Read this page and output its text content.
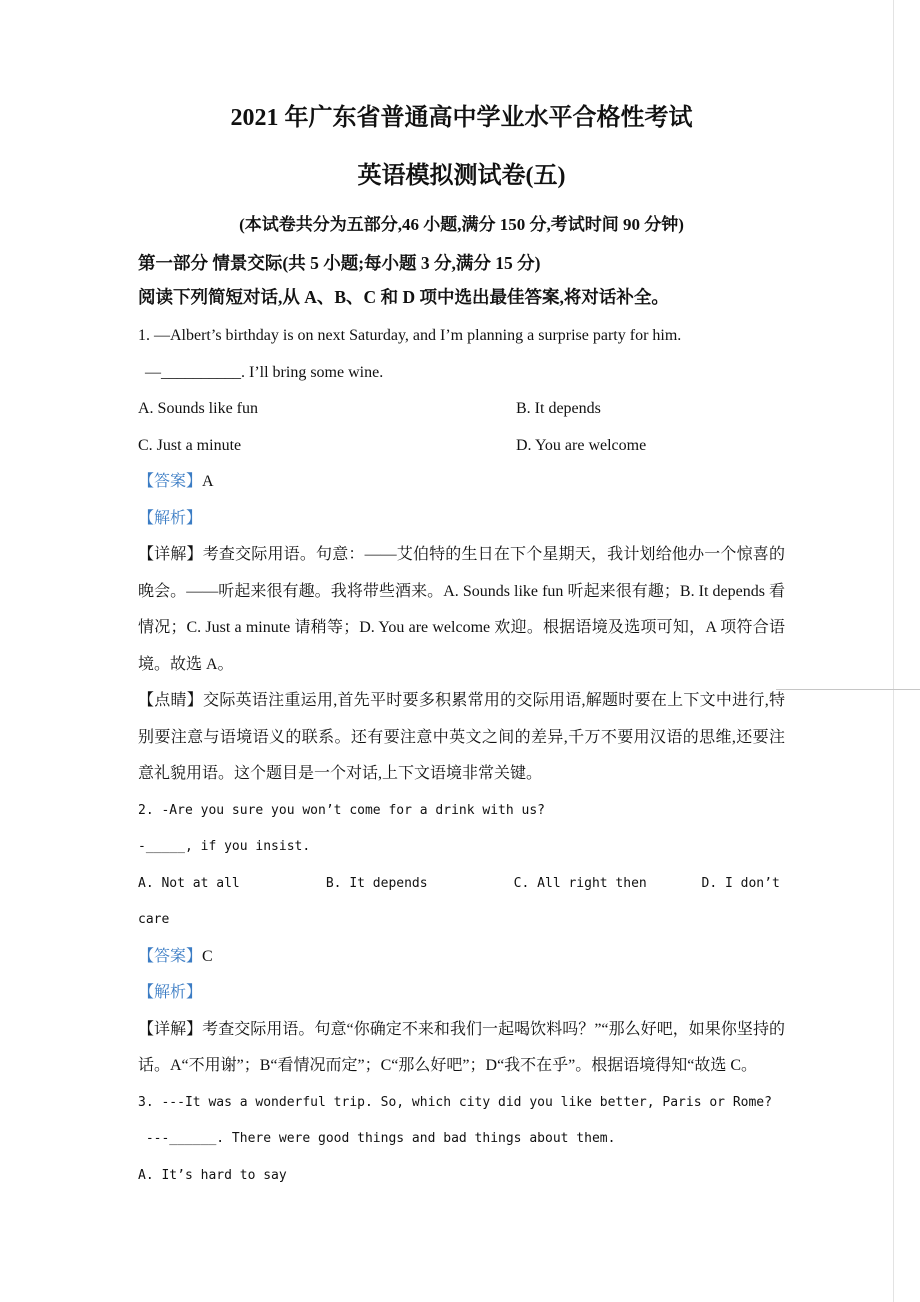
2021 年广东省普通高中学业水平合格性考试
英语模拟测试卷(五)

(本试卷共分为五部分,46 小题,满分 150 分,考试时间 90 分钟)

第一部分 情景交际(共 5 小题;每小题 3 分,满分 15 分)

阅读下列简短对话,从 A、B、C 和 D 项中选出最佳答案,将对话补全。

1. —Albert’s birthday is on next Saturday, and I’m planning a surprise party for him.

—__________. I’ll bring some wine.

A. Sounds like fun	B. It depends
C. Just a minute	D. You are welcome

【答案】A

【解析】

【详解】考查交际用语。句意：——艾伯特的生日在下个星期天，我计划给他办一个惊喜的晚会。——听起来很有趣。我将带些酒来。A. Sounds like fun 听起来很有趣；B. It depends 看情况；C. Just a minute 请稍等；D. You are welcome 欢迎。根据语境及选项可知，A 项符合语境。故选 A。

【点睛】交际英语注重运用,首先平时要多积累常用的交际用语,解题时要在上下文中进行,特别要注意与语境语义的联系。还有要注意中英文之间的差异,千万不要用汉语的思维,还要注意礼貌用语。这个题目是一个对话,上下文语境非常关键。

2. -Are you sure you won’t come for a drink with us?

-_____, if you insist.

A. Not at all           B. It depends           C. All right then       D. I don’t

care

【答案】C

【解析】

【详解】考查交际用语。句意“你确定不来和我们一起喝饮料吗？”“那么好吧，如果你坚持的话。A“不用谢”；B“看情况而定”；C“那么好吧”；D“我不在乎”。根据语境得知“故选 C。

3. ---It was a wonderful trip. So, which city did you like better, Paris or Rome?

---______. There were good things and bad things about them.

A. It’s hard to say
